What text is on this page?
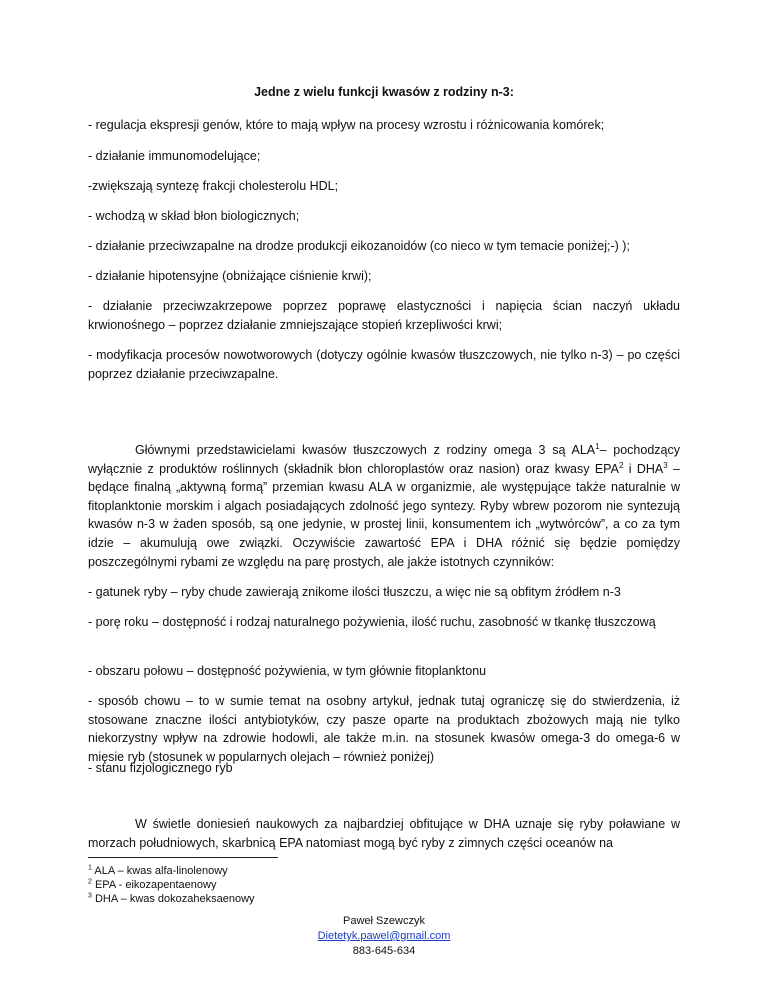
Jedne z wielu funkcji kwasów z rodziny n-3:
- regulacja ekspresji genów, które to mają wpływ na procesy wzrostu i różnicowania komórek;
- działanie immunomodelujące;
-zwiększają syntezę frakcji cholesterolu HDL;
- wchodzą w skład błon biologicznych;
- działanie przeciwzapalne na drodze produkcji eikozanoidów (co nieco w tym temacie poniżej;-) );
- działanie hipotensyjne (obniżające ciśnienie krwi);
- działanie przeciwzakrzepowe poprzez poprawę elastyczności i napięcia ścian naczyń układu krwionośnego – poprzez działanie zmniejszające stopień krzepliwości krwi;
- modyfikacja procesów nowotworowych (dotyczy ogólnie kwasów tłuszczowych, nie tylko n-3) – po części poprzez działanie przeciwzapalne.

Głównymi przedstawicielami kwasów tłuszczowych z rodziny omega 3 są ALA$^1$– pochodzący wyłącznie z produktów roślinnych (składnik błon chloroplastów oraz nasion) oraz kwasy EPA$^2$ i DHA$^3$ – będące finalną „aktywną formą” przemian kwasu ALA w organizmie, ale występujące także naturalnie w fitoplanktonie morskim i algach posiadających zdolność jego syntezy. Ryby wbrew pozorom nie syntezują kwasów n-3 w żaden sposób, są one jedynie, w prostej linii, konsumentem ich „wytwórców”, a co za tym idzie – akumulują owe związki. Oczywiście zawartość EPA i DHA różnić się będzie pomiędzy poszczególnymi rybami ze względu na parę prostych, ale jakże istotnych czynników:

- gatunek ryby – ryby chude zawierają znikome ilości tłuszczu, a więc nie są obfitym źródłem n-3
- porę roku – dostępność i rodzaj naturalnego pożywienia, ilość ruchu, zasobność w tkankę tłuszczową
- obszaru połowu – dostępność pożywienia, w tym głównie fitoplanktonu
- sposób chowu – to w sumie temat na osobny artykuł, jednak tutaj ograniczę się do stwierdzenia, iż stosowane znaczne ilości antybiotyków, czy pasze oparte na produktach zbożowych mają nie tylko niekorzystny wpływ na zdrowie hodowli, ale także m.in. na stosunek kwasów omega-3 do omega-6 w mięsie ryb (stosunek w popularnych olejach – również poniżej)
- stanu fizjologicznego ryb

W świetle doniesień naukowych za najbardziej obfitujące w DHA uznaje się ryby poławiane w morzach południowych, skarbnicą EPA natomiast mogą być ryby z zimnych części oceanów na

$^1$ ALA – kwas alfa-linolenowy
$^2$ EPA - eikozapentaenowy
$^3$ DHA – kwas dokozaheksaenowy
Paweł Szewczyk
Dietetyk.pawel@gmail.com
883-645-634
